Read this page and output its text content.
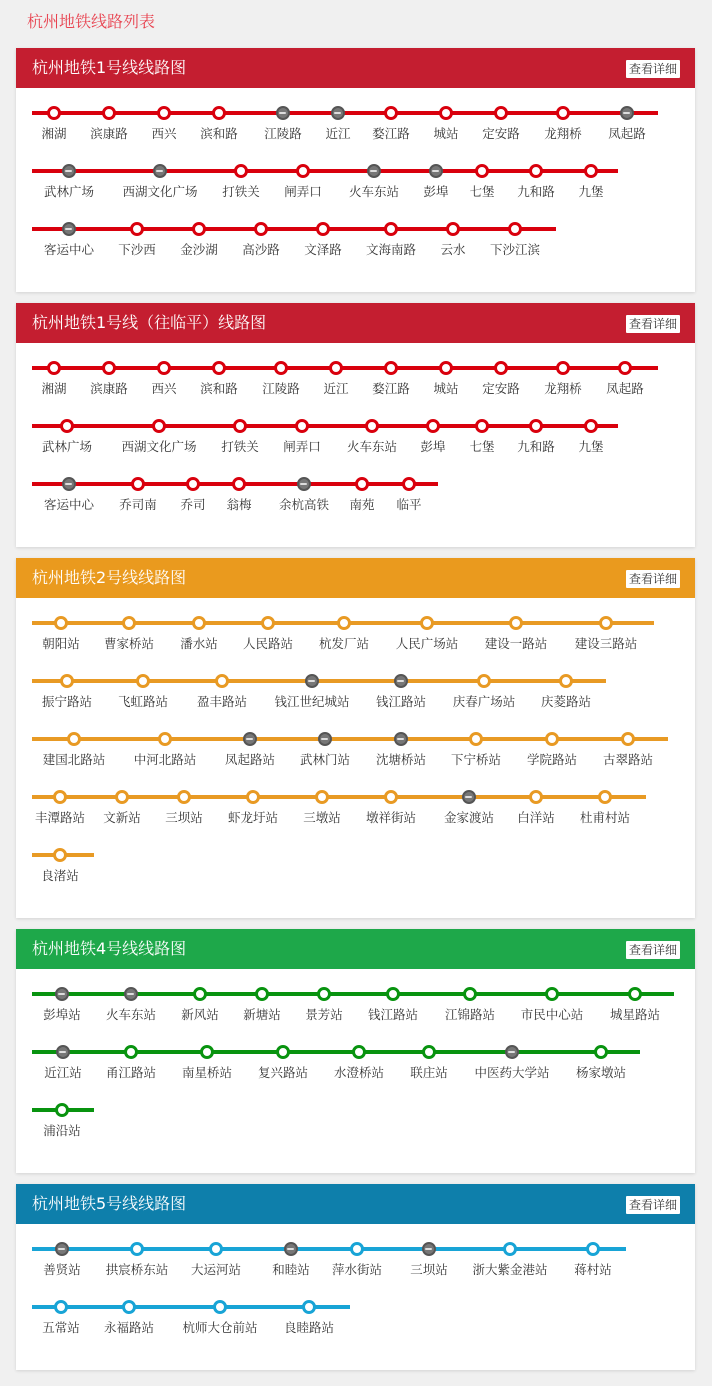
杭州地铁线路列表
杭州地铁1号线线路图	查看详细
湘湖 滨康路 西兴 滨和路 江陵路 近江 婺江路 城站 定安路 龙翔桥 凤起路
武林广场 西湖文化广场 打铁关 闸弄口 火车东站 彭埠 七堡 九和路 九堡
客运中心 下沙西 金沙湖 高沙路 文泽路 文海南路 云水 下沙江滨
杭州地铁1号线（往临平）线路图	查看详细
湘湖 滨康路 西兴 滨和路 江陵路 近江 婺江路 城站 定安路 龙翔桥 凤起路
武林广场 西湖文化广场 打铁关 闸弄口 火车东站 彭埠 七堡 九和路 九堡
客运中心 乔司南 乔司 翁梅 余杭高铁 南苑 临平
杭州地铁2号线线路图	查看详细
朝阳站 曹家桥站 潘水站 人民路站 杭发厂站 人民广场站 建设一路站 建设三路站
振宁路站 飞虹路站 盈丰路站 钱江世纪城站 钱江路站 庆春广场站 庆菱路站
建国北路站 中河北路站 凤起路站 武林门站 沈塘桥站 下宁桥站 学院路站 古翠路站
丰潭路站 文新站 三坝站 虾龙圩站 三墩站 墩祥街站 金家渡站 白洋站 杜甫村站
良渚站
杭州地铁4号线线路图	查看详细
彭埠站 火车东站 新风站 新塘站 景芳站 钱江路站 江锦路站 市民中心站 城星路站
近江站 甬江路站 南星桥站 复兴路站 水澄桥站 联庄站 中医药大学站 杨家墩站
浦沿站
杭州地铁5号线线路图	查看详细
善贤站 拱宸桥东站 大运河站 和睦站 萍水街站 三坝站 浙大紫金港站 蒋村站
五常站 永福路站 杭师大仓前站 良睦路站
